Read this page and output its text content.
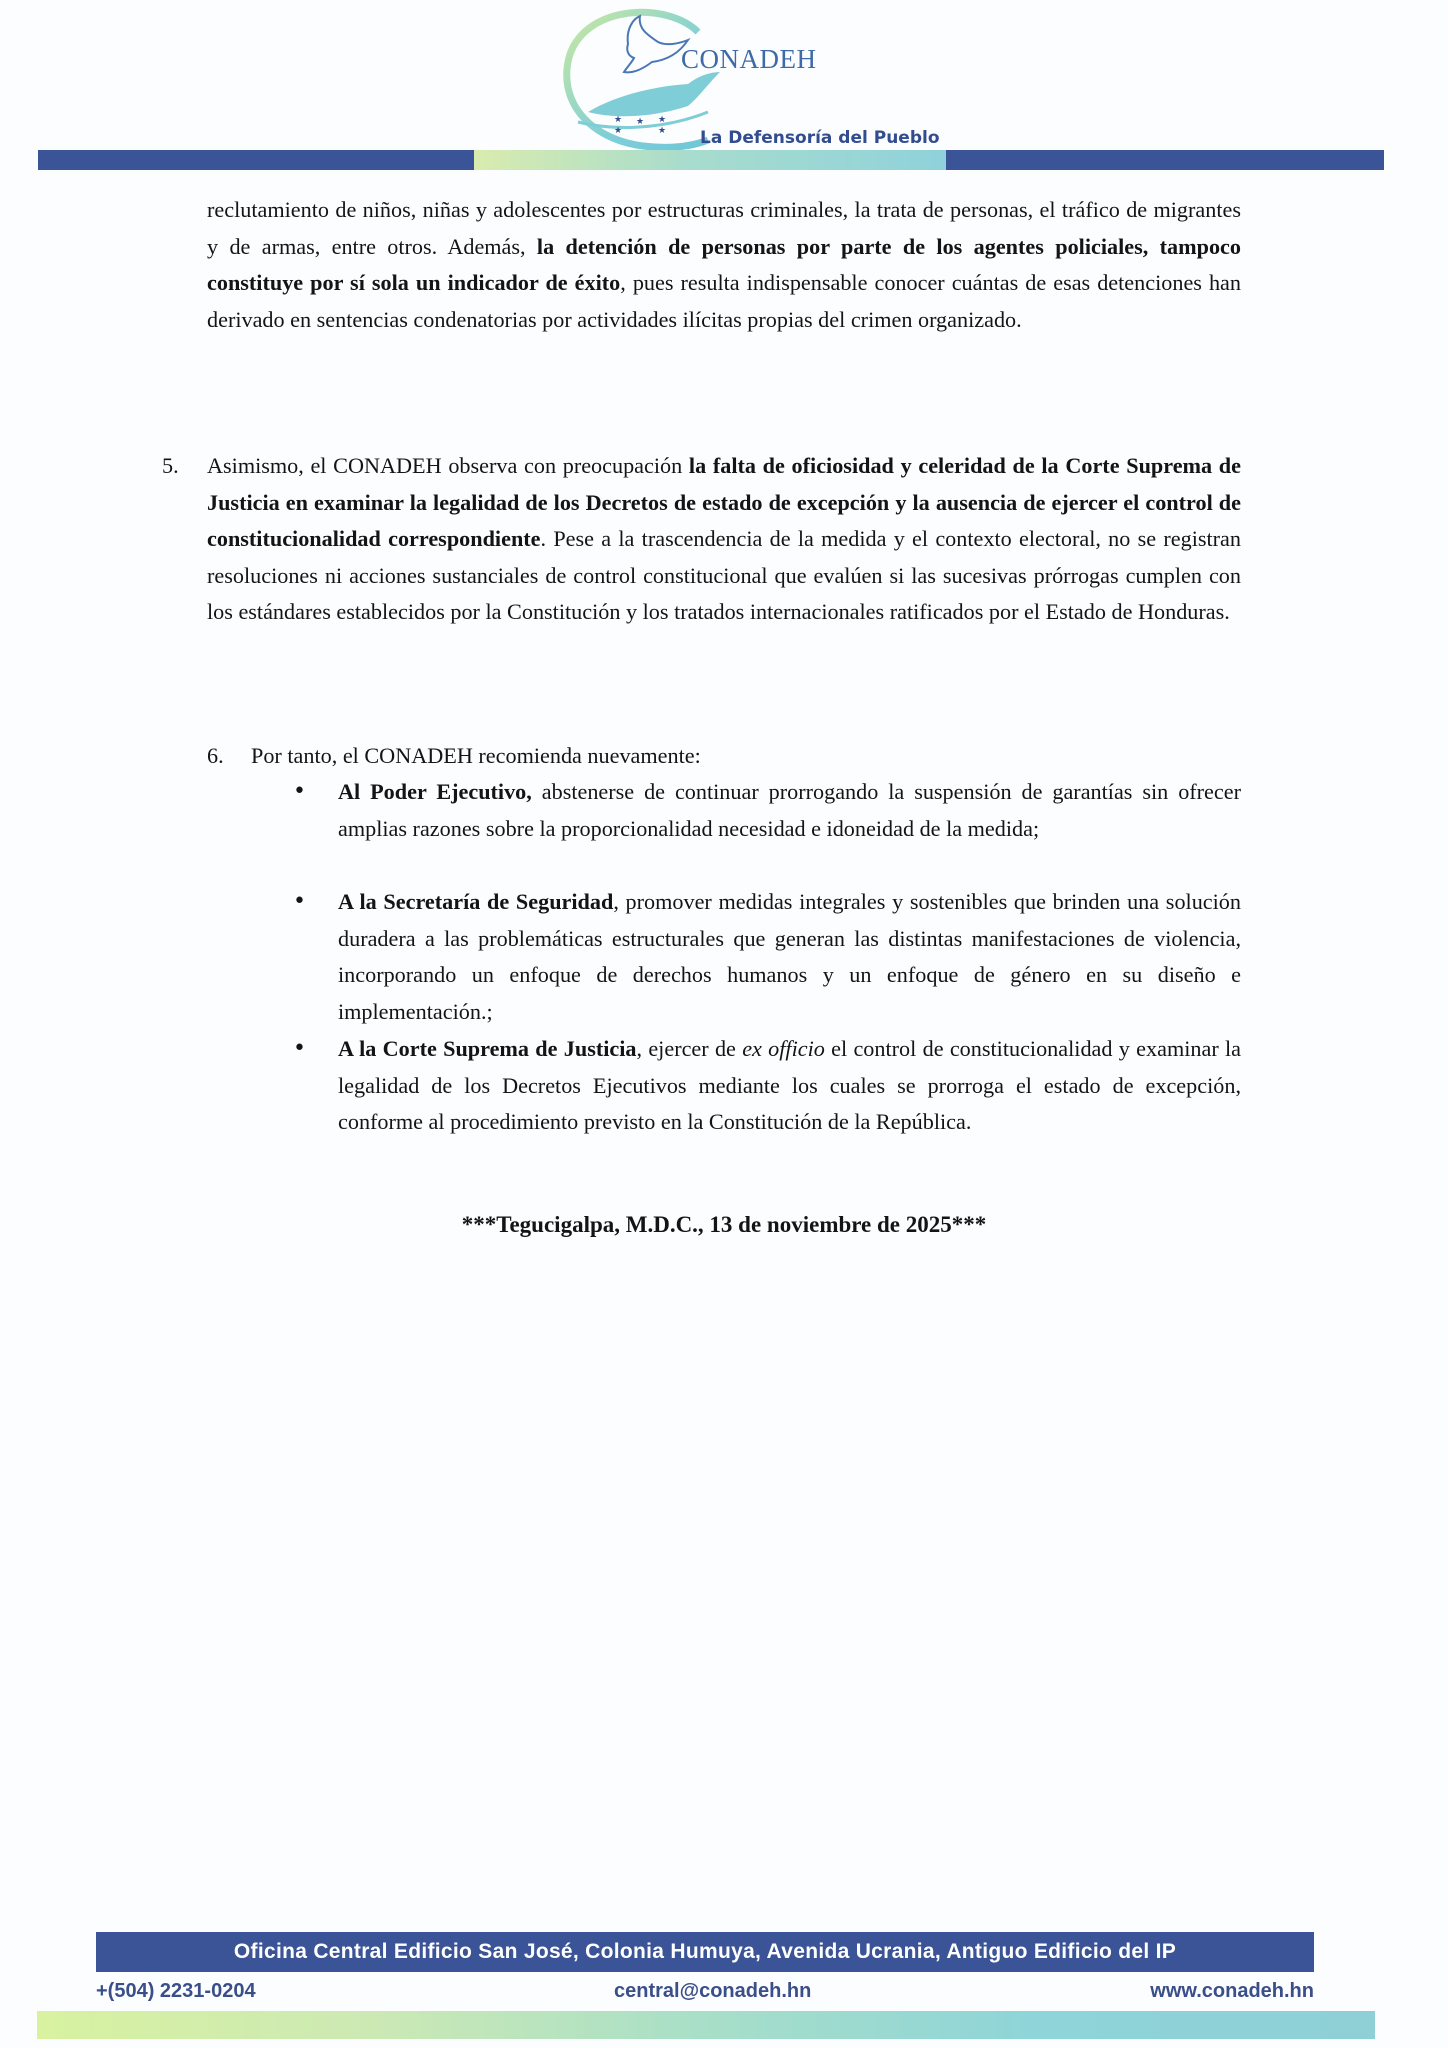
★ ★ ★
★	★
CONADEH
La Defensoría del Pueblo
reclutamiento de niños, niñas y adolescentes por estructuras criminales, la trata de personas, el tráfico de migrantes y de armas, entre otros. Además, la detención de personas por parte de los agentes policiales, tampoco constituye por sí sola un indicador de éxito, pues resulta indispensable conocer cuántas de esas detenciones han derivado en sentencias condenatorias por actividades ilícitas propias del crimen organizado.
5. Asimismo, el CONADEH observa con preocupación la falta de oficiosidad y celeridad de la Corte Suprema de Justicia en examinar la legalidad de los Decretos de estado de excepción y la ausencia de ejercer el control de constitucionalidad correspondiente. Pese a la trascendencia de la medida y el contexto electoral, no se registran resoluciones ni acciones sustanciales de control constitucional que evalúen si las sucesivas prórrogas cumplen con los estándares establecidos por la Constitución y los tratados internacionales ratificados por el Estado de Honduras.
6. Por tanto, el CONADEH recomienda nuevamente:
• Al Poder Ejecutivo, abstenerse de continuar prorrogando la suspensión de garantías sin ofrecer amplias razones sobre la proporcionalidad necesidad e idoneidad de la medida;
• A la Secretaría de Seguridad, promover medidas integrales y sostenibles que brinden una solución duradera a las problemáticas estructurales que generan las distintas manifestaciones de violencia, incorporando un enfoque de derechos humanos y un enfoque de género en su diseño e implementación.;
• A la Corte Suprema de Justicia, ejercer de ex officio el control de constitucionalidad y examinar la legalidad de los Decretos Ejecutivos mediante los cuales se prorroga el estado de excepción, conforme al procedimiento previsto en la Constitución de la República.
***Tegucigalpa, M.D.C., 13 de noviembre de 2025***
Oficina Central Edificio San José, Colonia Humuya, Avenida Ucrania, Antiguo Edificio del IP
+(504) 2231-0204	central@conadeh.hn	www.conadeh.hn
